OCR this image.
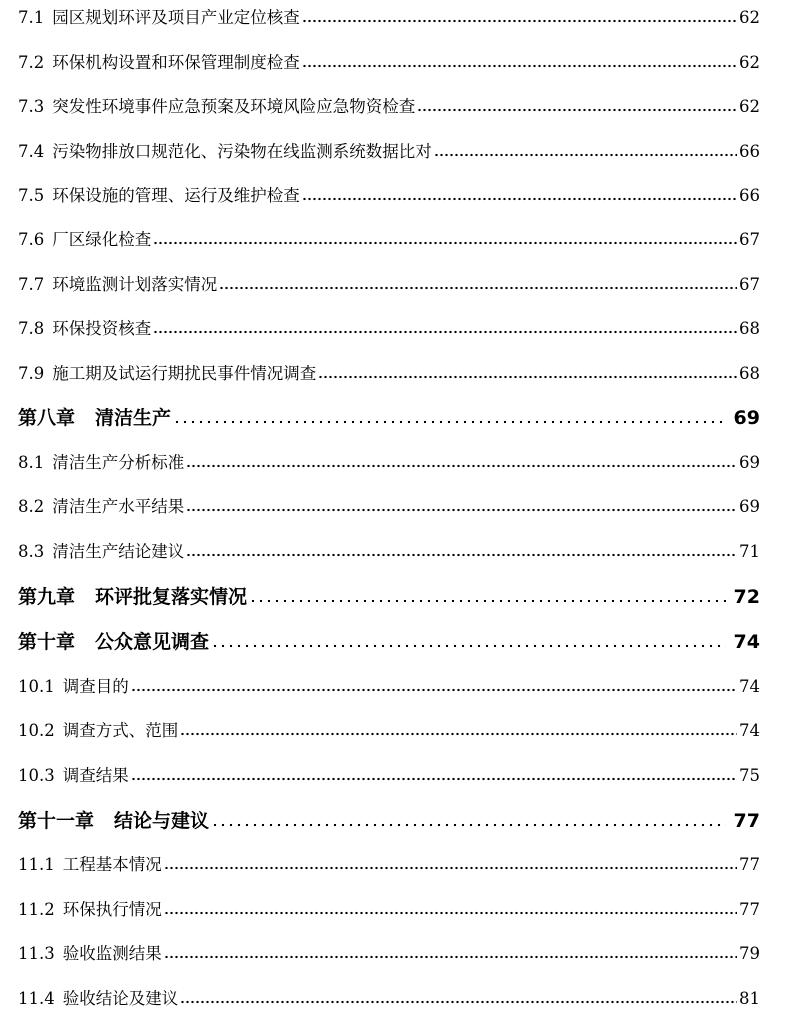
7.1 园区规划环评及项目产业定位核查	62
7.2 环保机构设置和环保管理制度检查	62
7.3 突发性环境事件应急预案及环境风险应急物资检查	62
7.4 污染物排放口规范化、污染物在线监测系统数据比对	66
7.5 环保设施的管理、运行及维护检查	66
7.6 厂区绿化检查	67
7.7 环境监测计划落实情况	67
7.8 环保投资核查	68
7.9 施工期及试运行期扰民事件情况调查	68
第八章 清洁生产	69
8.1 清洁生产分析标准	69
8.2 清洁生产水平结果	69
8.3 清洁生产结论建议	71
第九章 环评批复落实情况	72
第十章 公众意见调查	74
10.1 调查目的	74
10.2 调查方式、范围	74
10.3 调查结果	75
第十一章 结论与建议	77
11.1 工程基本情况	77
11.2 环保执行情况	77
11.3 验收监测结果	79
11.4 验收结论及建议	81
